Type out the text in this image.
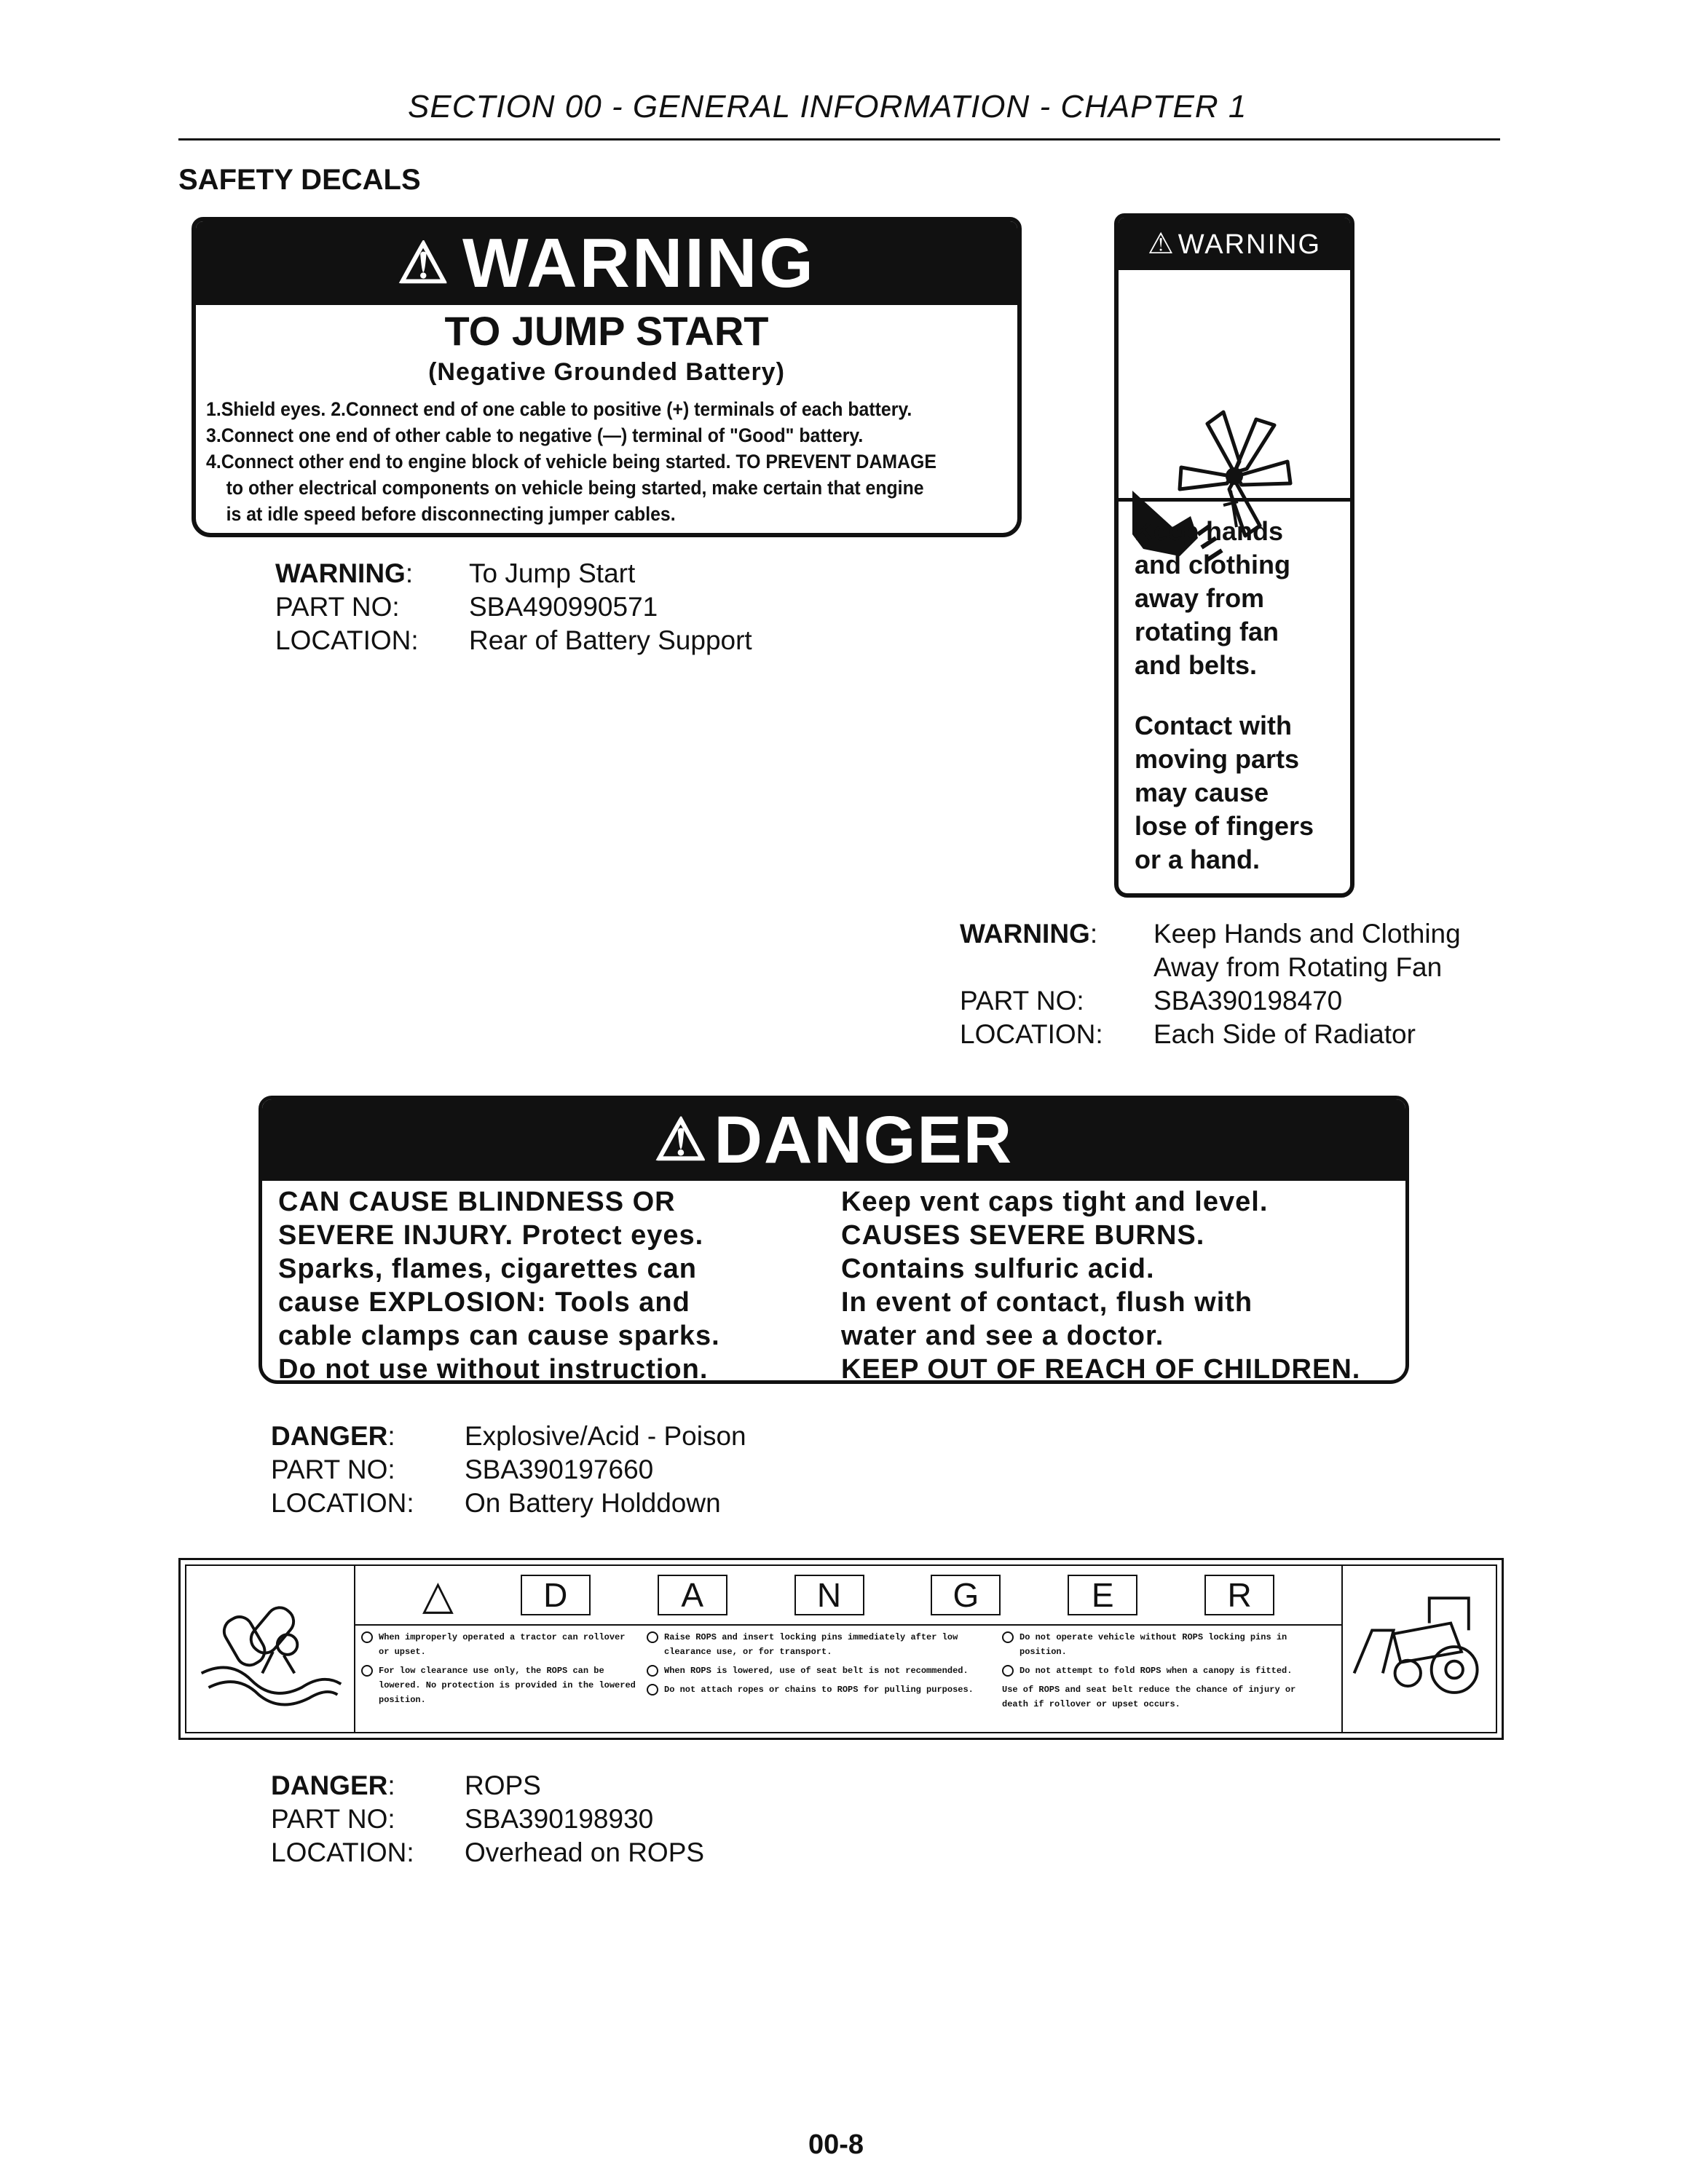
SECTION 00 - GENERAL INFORMATION - CHAPTER 1
SAFETY DECALS
⚠ WARNING
TO JUMP START
(Negative Grounded Battery)
1.Shield eyes. 2.Connect end of one cable to positive (+) terminals of each battery.
3.Connect one end of other cable to negative (—) terminal of "Good" battery.
4.Connect other end to engine block of vehicle being started. TO PREVENT DAMAGE
to other electrical components on vehicle being started, make certain that engine
is at idle speed before disconnecting jumper cables.
WARNING:	To Jump Start
PART NO:	SBA490990571
LOCATION:	Rear of Battery Support
⚠ WARNING
Keep hands
and clothing
away from
rotating fan
and belts.
Contact with
moving parts
may cause
lose of fingers
or a hand.
WARNING:	Keep Hands and Clothing
Away from Rotating Fan
PART NO:	SBA390198470
LOCATION:	Each Side of Radiator
⚠DANGER
CAN CAUSE BLINDNESS OR
SEVERE INJURY. Protect eyes.
Sparks, flames, cigarettes can
cause EXPLOSION: Tools and
cable clamps can cause sparks.
Do not use without instruction.
Keep vent caps tight and level.
CAUSES SEVERE BURNS.
Contains sulfuric acid.
In event of contact, flush with
water and see a doctor.
KEEP OUT OF REACH OF CHILDREN.
DANGER:	Explosive/Acid - Poison
PART NO:	SBA390197660
LOCATION:	On Battery Holddown
△	D	A	N	G	E	R
When improperly operated a tractor can rollover or upset.
For low clearance use only, the ROPS can be lowered. No protection is provided in the lowered position.
Raise ROPS and insert locking pins immediately after low clearance use, or for transport.
When ROPS is lowered, use of seat belt is not recommended.
Do not attach ropes or chains to ROPS for pulling purposes.
Do not operate vehicle without ROPS locking pins in position.
Do not attempt to fold ROPS when a canopy is fitted.
Use of ROPS and seat belt reduce the chance of injury or death if rollover or upset occurs.
DANGER:	ROPS
PART NO:	SBA390198930
LOCATION:	Overhead on ROPS
00-8
